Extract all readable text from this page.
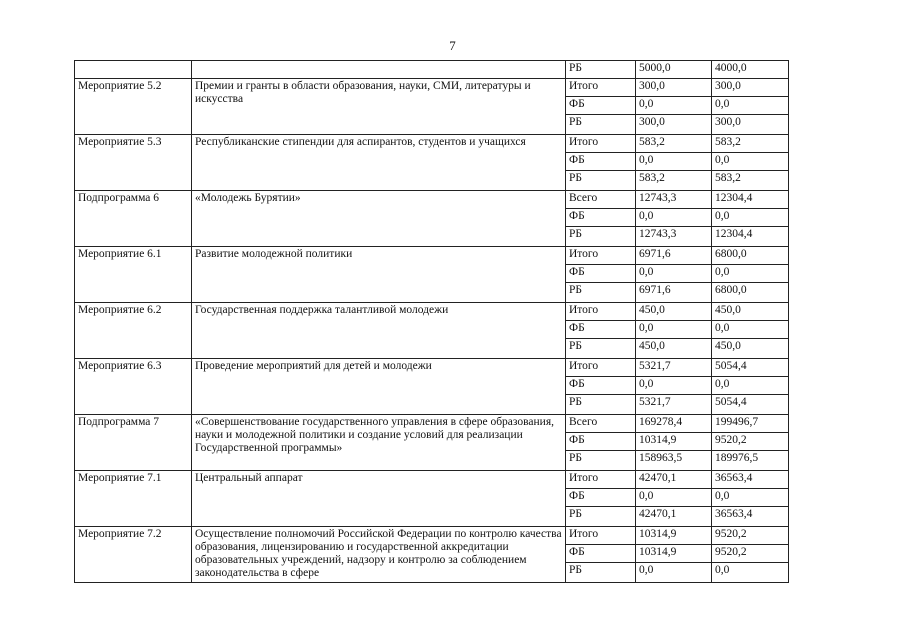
7
		РБ	5000,0	4000,0
Мероприятие 5.2	Премии и гранты в области образования, науки, СМИ, литературы и искусства	Итого	300,0	300,0
		ФБ	0,0	0,0
		РБ	300,0	300,0
Мероприятие 5.3	Республиканские стипендии для аспирантов, студентов и учащихся	Итого	583,2	583,2
		ФБ	0,0	0,0
		РБ	583,2	583,2
Подпрограмма 6	«Молодежь Бурятии»	Всего	12743,3	12304,4
		ФБ	0,0	0,0
		РБ	12743,3	12304,4
Мероприятие 6.1	Развитие молодежной политики	Итого	6971,6	6800,0
		ФБ	0,0	0,0
		РБ	6971,6	6800,0
Мероприятие 6.2	Государственная поддержка талантливой молодежи	Итого	450,0	450,0
		ФБ	0,0	0,0
		РБ	450,0	450,0
Мероприятие 6.3	Проведение мероприятий для детей и молодежи	Итого	5321,7	5054,4
		ФБ	0,0	0,0
		РБ	5321,7	5054,4
Подпрограмма 7	«Совершенствование государственного управления в сфере образования, науки и молодежной политики и создание условий для реализации Государственной программы»	Всего	169278,4	199496,7
		ФБ	10314,9	9520,2
		РБ	158963,5	189976,5
Мероприятие 7.1	Центральный аппарат	Итого	42470,1	36563,4
		ФБ	0,0	0,0
		РБ	42470,1	36563,4
Мероприятие 7.2	Осуществление полномочий Российской Федерации по контролю качества образования, лицензированию и государственной аккредитации образовательных учреждений, надзору и контролю за соблюдением законодательства в сфере	Итого	10314,9	9520,2
		ФБ	10314,9	9520,2
		РБ	0,0	0,0
